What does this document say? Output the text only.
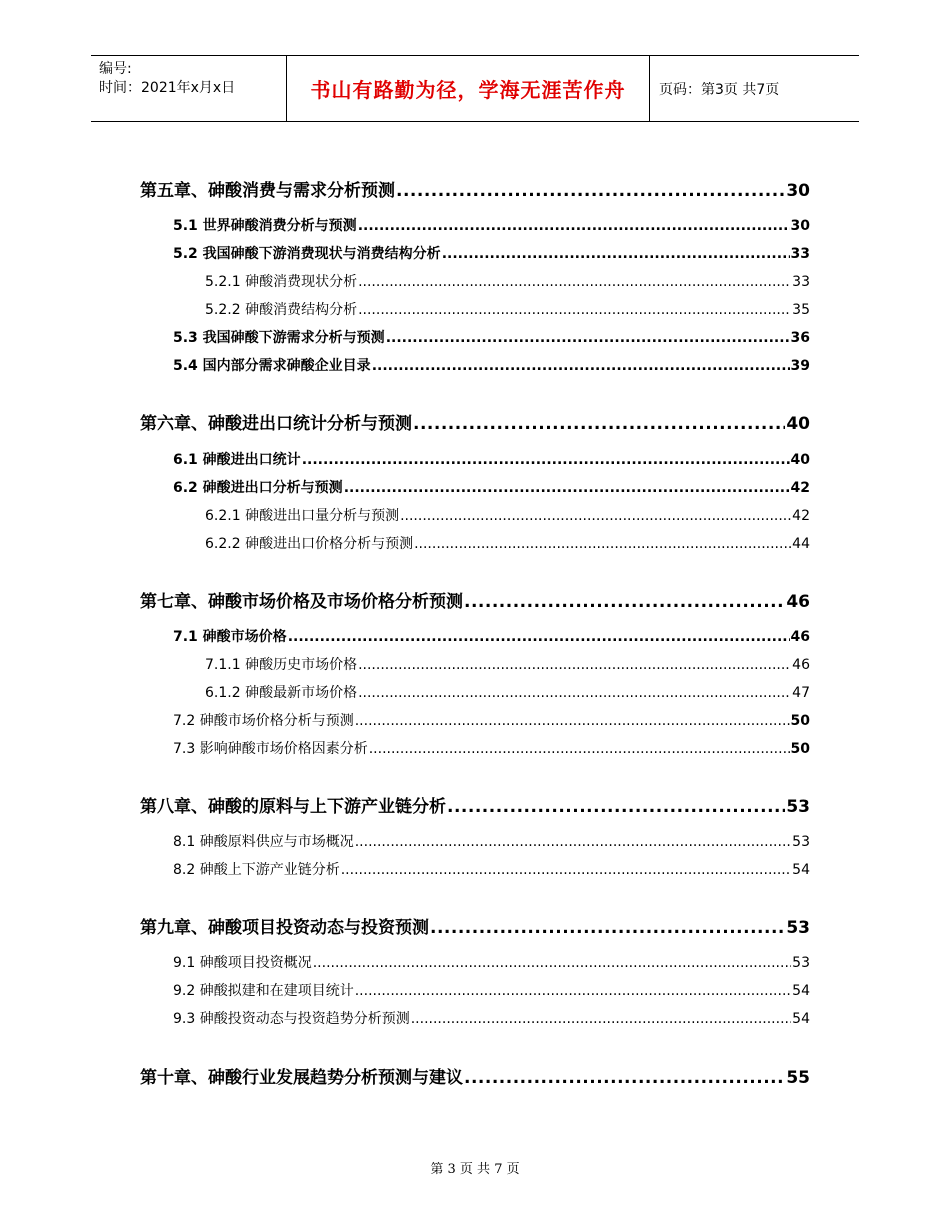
编号:
时间：2021年x月x日	书山有路勤为径，学海无涯苦作舟	页码：第3页 共7页
第五章、砷酸消费与需求分析预测 .....	30
5.1 世界砷酸消费分析与预测 .....	30
5.2 我国砷酸下游消费现状与消费结构分析 .....	33
5.2.1 砷酸消费现状分析 .....	33
5.2.2 砷酸消费结构分析 .....	35
5.3 我国砷酸下游需求分析与预测 .....	36
5.4 国内部分需求砷酸企业目录 .....	39
第六章、砷酸进出口统计分析与预测 .....	40
6.1 砷酸进出口统计 .....	40
6.2 砷酸进出口分析与预测 .....	42
6.2.1 砷酸进出口量分析与预测 .....	42
6.2.2 砷酸进出口价格分析与预测 .....	44
第七章、砷酸市场价格及市场价格分析预测 .....	46
7.1 砷酸市场价格 .....	46
7.1.1 砷酸历史市场价格 .....	46
6.1.2 砷酸最新市场价格 .....	47
7.2 砷酸市场价格分析与预测 .....	50
7.3 影响砷酸市场价格因素分析 .....	50
第八章、砷酸的原料与上下游产业链分析 .....	53
8.1 砷酸原料供应与市场概况 .....	53
8.2 砷酸上下游产业链分析 .....	54
第九章、砷酸项目投资动态与投资预测 .....	53
9.1 砷酸项目投资概况 .....	53
9.2 砷酸拟建和在建项目统计 .....	54
9.3 砷酸投资动态与投资趋势分析预测 .....	54
第十章、砷酸行业发展趋势分析预测与建议 .....	55
第 3 页 共 7 页
